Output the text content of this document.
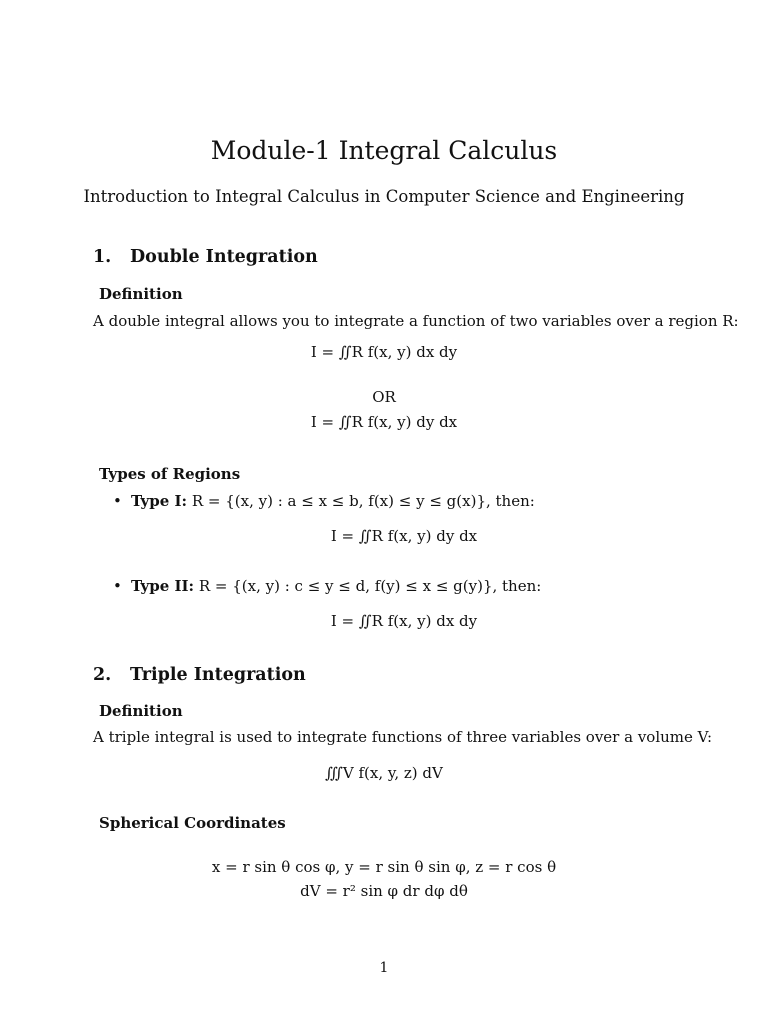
Module-1 Integral Calculus
Introduction to Integral Calculus in Computer Science and Engineering
1. Double Integration
Definition
A double integral allows you to integrate a function of two variables over a region R:
I = ∬R f(x, y) dx dy
OR
I = ∬R f(x, y) dy dx
Types of Regions
• Type I: R = {(x, y) : a ≤ x ≤ b, f(x) ≤ y ≤ g(x)}, then:
I = ∬R f(x, y) dy dx
• Type II: R = {(x, y) : c ≤ y ≤ d, f(y) ≤ x ≤ g(y)}, then:
I = ∬R f(x, y) dx dy
2. Triple Integration
Definition
A triple integral is used to integrate functions of three variables over a volume V:
∭V f(x, y, z) dV
Spherical Coordinates
x = r sin θ cos φ, y = r sin θ sin φ, z = r cos θ
dV = r² sin φ dr dφ dθ
1
